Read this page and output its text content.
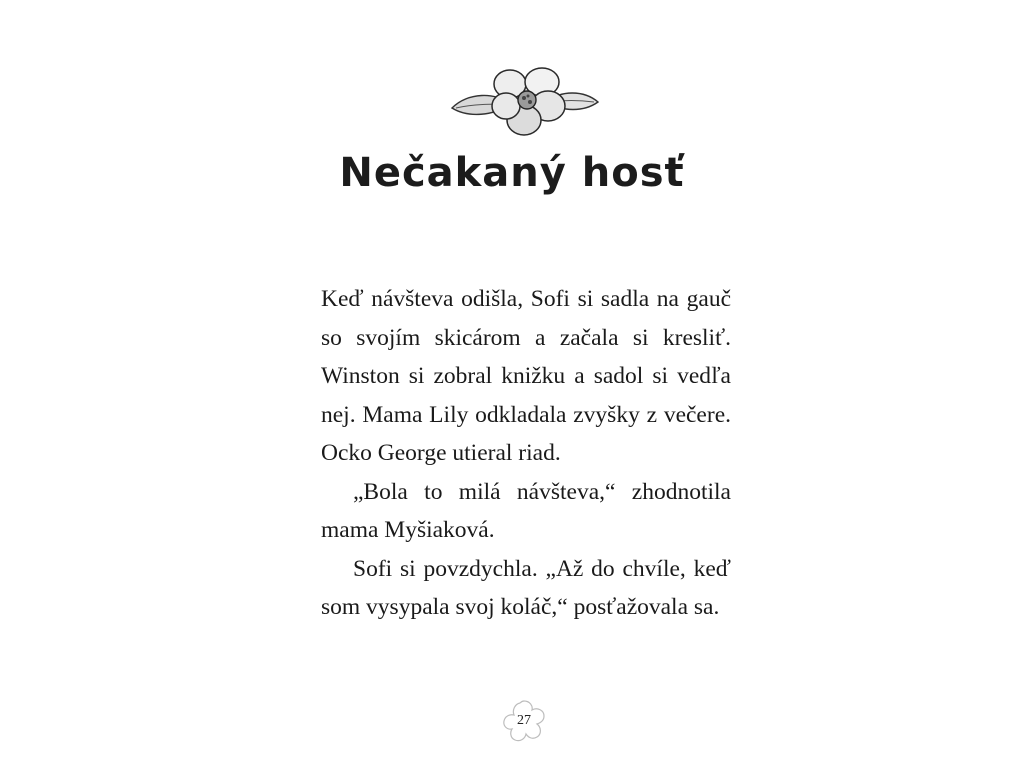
Nečakaný hosť

Keď návšteva odišla, Sofi si sadla na gauč so svojím skicárom a začala si kresliť. Winston si zobral knižku a sadol si vedľa nej. Mama Lily odkladala zvyšky z večere. Ocko George utieral riad.

„Bola to milá návšteva,“ zhodnotila mama Myšiaková.

Sofi si povzdychla. „Až do chvíle, keď som vysypala svoj koláč,“ posťažovala sa.

27
